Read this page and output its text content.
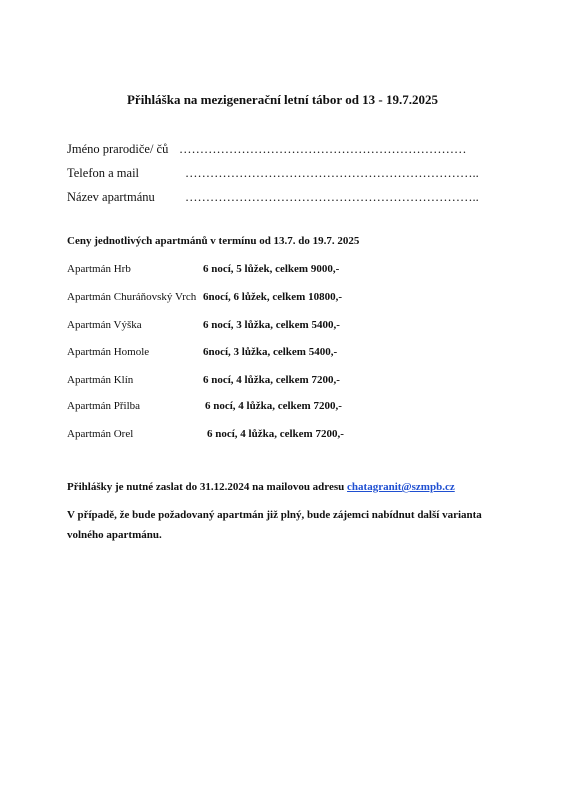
Přihláška na mezigenerační letní tábor od 13 - 19.7.2025
Jméno prarodiče/ čů ……………………………………………………………
Telefon a mail	……………………………………………………………..
Název apartmánu ……………………………………………………………..
Ceny jednotlivých apartmánů v termínu od 13.7. do 19.7. 2025
Apartmán Hrb	6 nocí, 5 lůžek, celkem 9000,-
Apartmán Churáňovský Vrch 6nocí, 6 lůžek, celkem 10800,-
Apartmán Výška	6 nocí, 3 lůžka, celkem 5400,-
Apartmán Homole	6nocí, 3 lůžka, celkem 5400,-
Apartmán Klín	6 nocí, 4 lůžka, celkem 7200,-
Apartmán Přilba	6 nocí, 4 lůžka, celkem 7200,-
Apartmán Orel	6 nocí, 4 lůžka, celkem 7200,-
Přihlášky je nutné zaslat do 31.12.2024 na mailovou adresu chatagranit@szmpb.cz
V případě, že bude požadovaný apartmán již plný, bude zájemci nabídnut další varianta
volného apartmánu.
